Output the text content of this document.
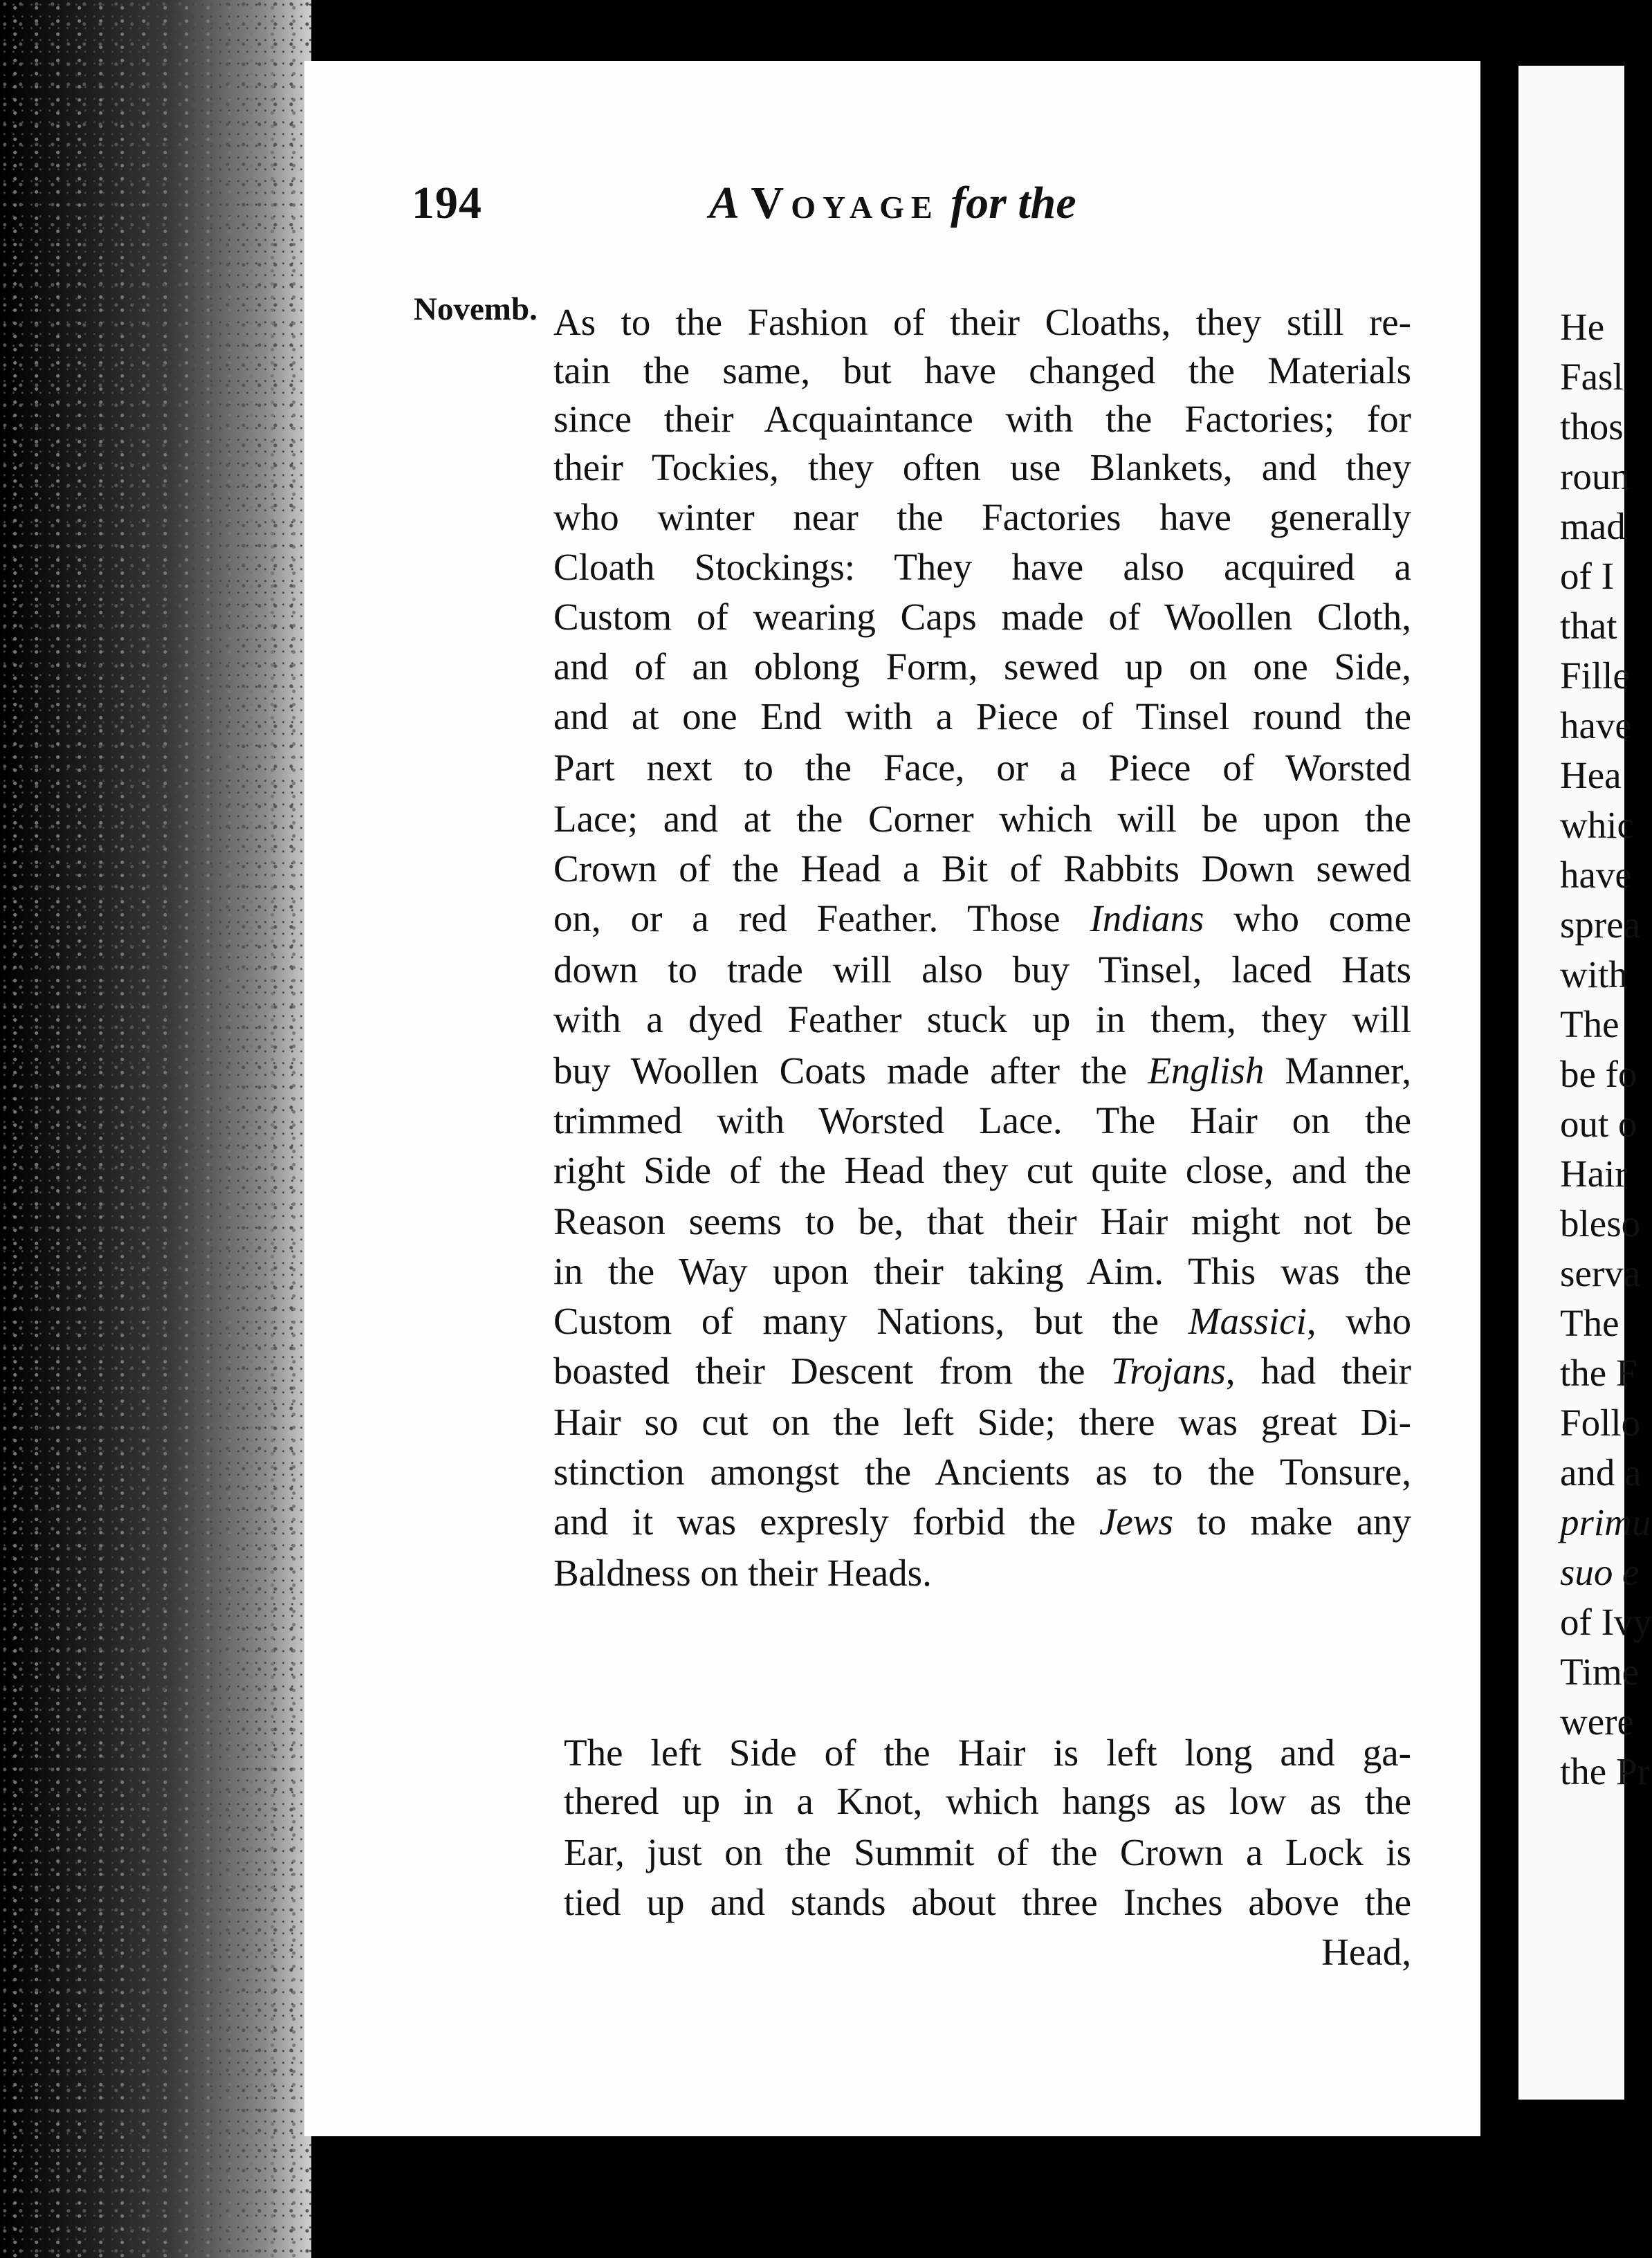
194	A Voyage for the
Novemb. As to the Fashion of their Cloaths, they still re-
tain the same, but have changed the Materials
since their Acquaintance with the Factories; for
their Tockies, they often use Blankets, and they
who winter near the Factories have generally
Cloath Stockings: They have also acquired a
Custom of wearing Caps made of Woollen Cloth,
and of an oblong Form, sewed up on one Side,
and at one End with a Piece of Tinsel round the
Part next to the Face, or a Piece of Worsted
Lace; and at the Corner which will be upon the
Crown of the Head a Bit of Rabbits Down sewed
on, or a red Feather. Those Indians who come
down to trade will also buy Tinsel, laced Hats
with a dyed Feather stuck up in them, they will
buy Woollen Coats made after the English Manner,
trimmed with Worsted Lace. The Hair on the
right Side of the Head they cut quite close, and the
Reason seems to be, that their Hair might not be
in the Way upon their taking Aim. This was the
Custom of many Nations, but the Massici, who
boasted their Descent from the Trojans, had their
Hair so cut on the left Side; there was great Di-
stinction amongst the Ancients as to the Tonsure,
and it was expresly forbid the Jews to make any
Baldness on their Heads.
The left Side of the Hair is left long and ga-
thered up in a Knot, which hangs as low as the
Ear, just on the Summit of the Crown a Lock is
tied up and stands about three Inches above the
Head,
He
Fasl
thos
roun
mad
of I
that
Fille
have
Hea
whic
have
sprea
with
The
be fo
out o
Hair
bleso
serva
The
the F
Follo
and a
primu
suo e
of Ivy
Time
were
the Pr
